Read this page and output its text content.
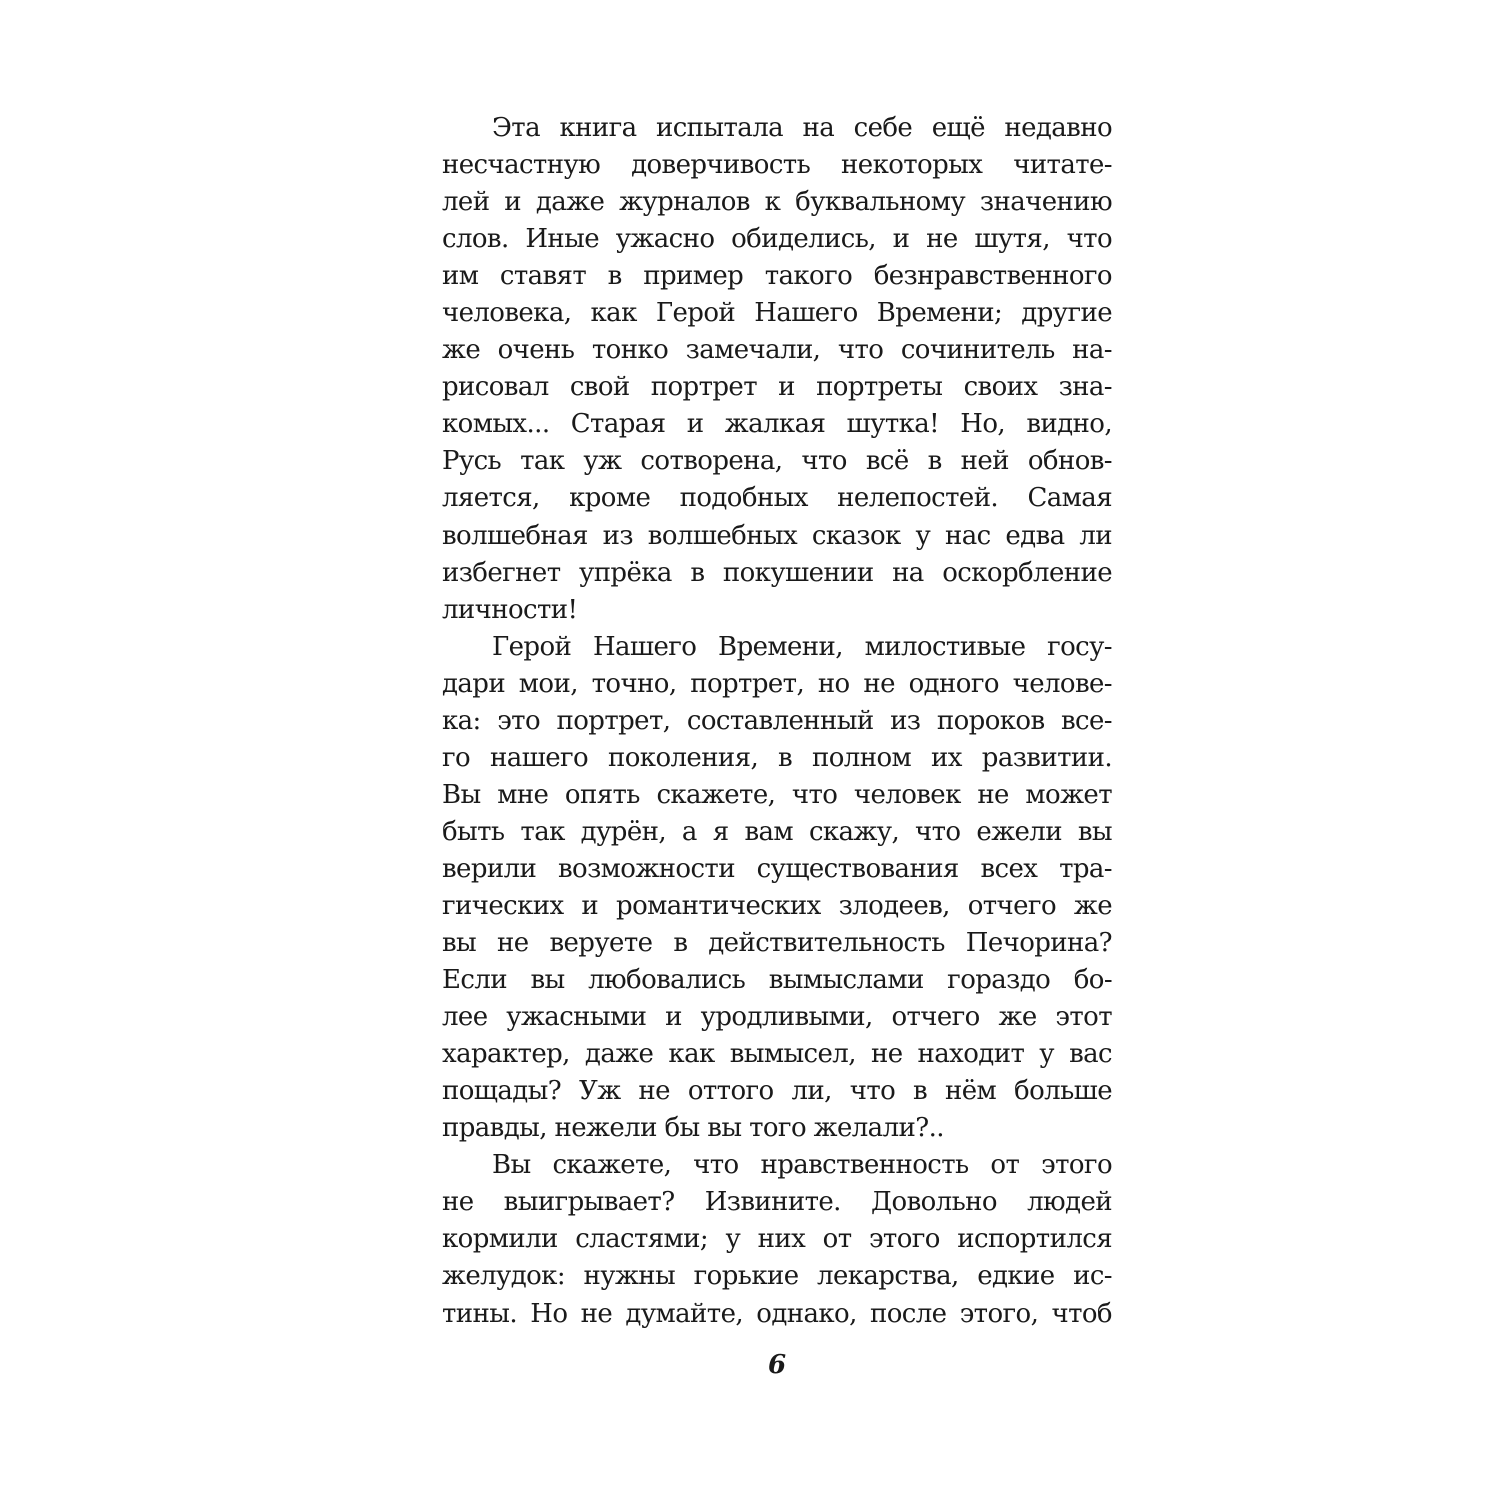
Эта книга испытала на себе ещё недавно
несчастную доверчивость некоторых читате-
лей и даже журналов к буквальному значению
слов. Иные ужасно обиделись, и не шутя, что
им ставят в пример такого безнравственного
человека, как Герой Нашего Времени; другие
же очень тонко замечали, что сочинитель на-
рисовал свой портрет и портреты своих зна-
комых... Старая и жалкая шутка! Но, видно,
Русь так уж сотворена, что всё в ней обнов-
ляется, кроме подобных нелепостей. Самая
волшебная из волшебных сказок у нас едва ли
избегнет упрёка в покушении на оскорбление
личности!
Герой Нашего Времени, милостивые госу-
дари мои, точно, портрет, но не одного челове-
ка: это портрет, составленный из пороков все-
го нашего поколения, в полном их развитии.
Вы мне опять скажете, что человек не может
быть так дурён, а я вам скажу, что ежели вы
верили возможности существования всех тра-
гических и романтических злодеев, отчего же
вы не веруете в действительность Печорина?
Если вы любовались вымыслами гораздо бо-
лее ужасными и уродливыми, отчего же этот
характер, даже как вымысел, не находит у вас
пощады? Уж не оттого ли, что в нём больше
правды, нежели бы вы того желали?..
Вы скажете, что нравственность от этого
не выигрывает? Извините. Довольно людей
кормили сластями; у них от этого испортился
желудок: нужны горькие лекарства, едкие ис-
тины. Но не думайте, однако, после этого, чтоб
6
